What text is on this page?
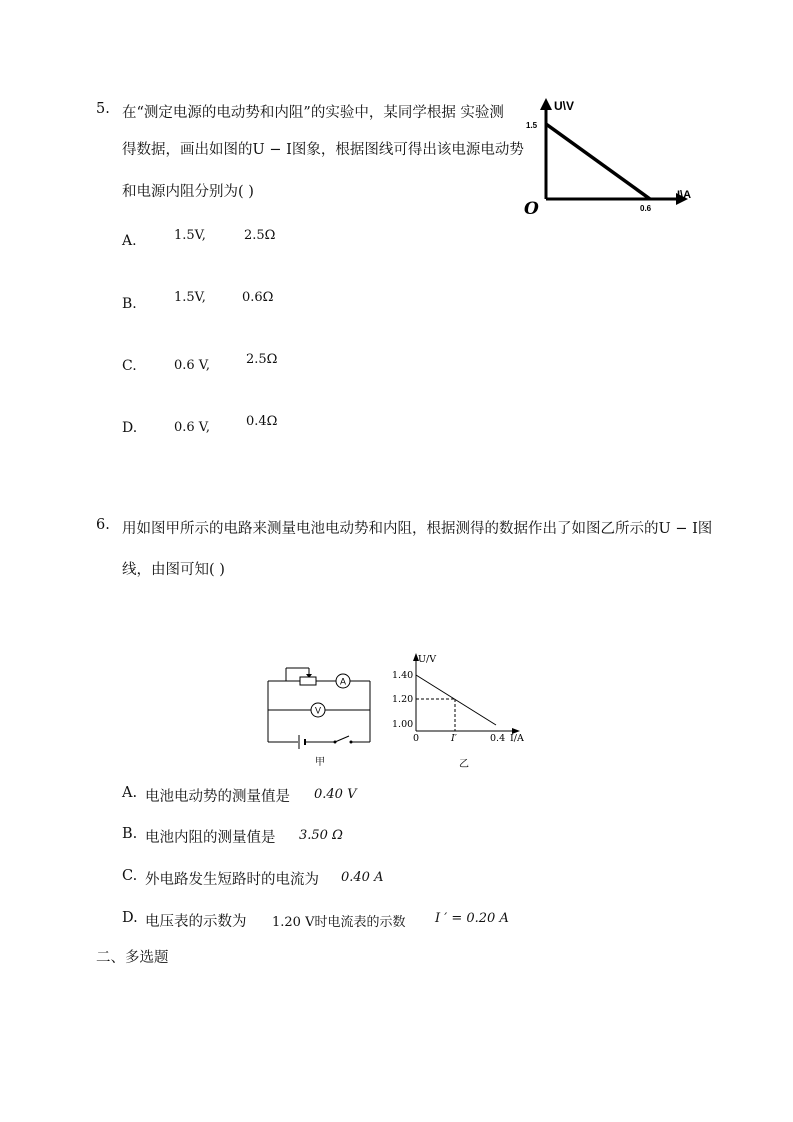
5. 在“测定电源的电动势和内阻”的实验中，某同学根据 实验测
得数据，画出如图的U − I图象，根据图线可得出该电源电动势
和电源内阻分别为( )
U\V
I\A
1.5
0.6
O
A.	1.5V,	2.5Ω
B.	1.5V,	0.6Ω
C.	0.6 V,	2.5Ω
D.	0.6 V,	0.4Ω
6. 用如图甲所示的电路来测量电池电动势和内阻，根据测得的数据作出了如图乙所示的U − I图
线，由图可知( )
A
V
甲
U/V
1.40
1.20
1.00
0	I′	0.4 I/A
乙
A. 电池电动势的测量值是 0.40 V
B. 电池内阻的测量值是 3.50 Ω
C. 外电路发生短路时的电流为 0.40 A
D. 电压表的示数为 1.20 V时电流表的示数 I ′ = 0.20 A
二、多选题
